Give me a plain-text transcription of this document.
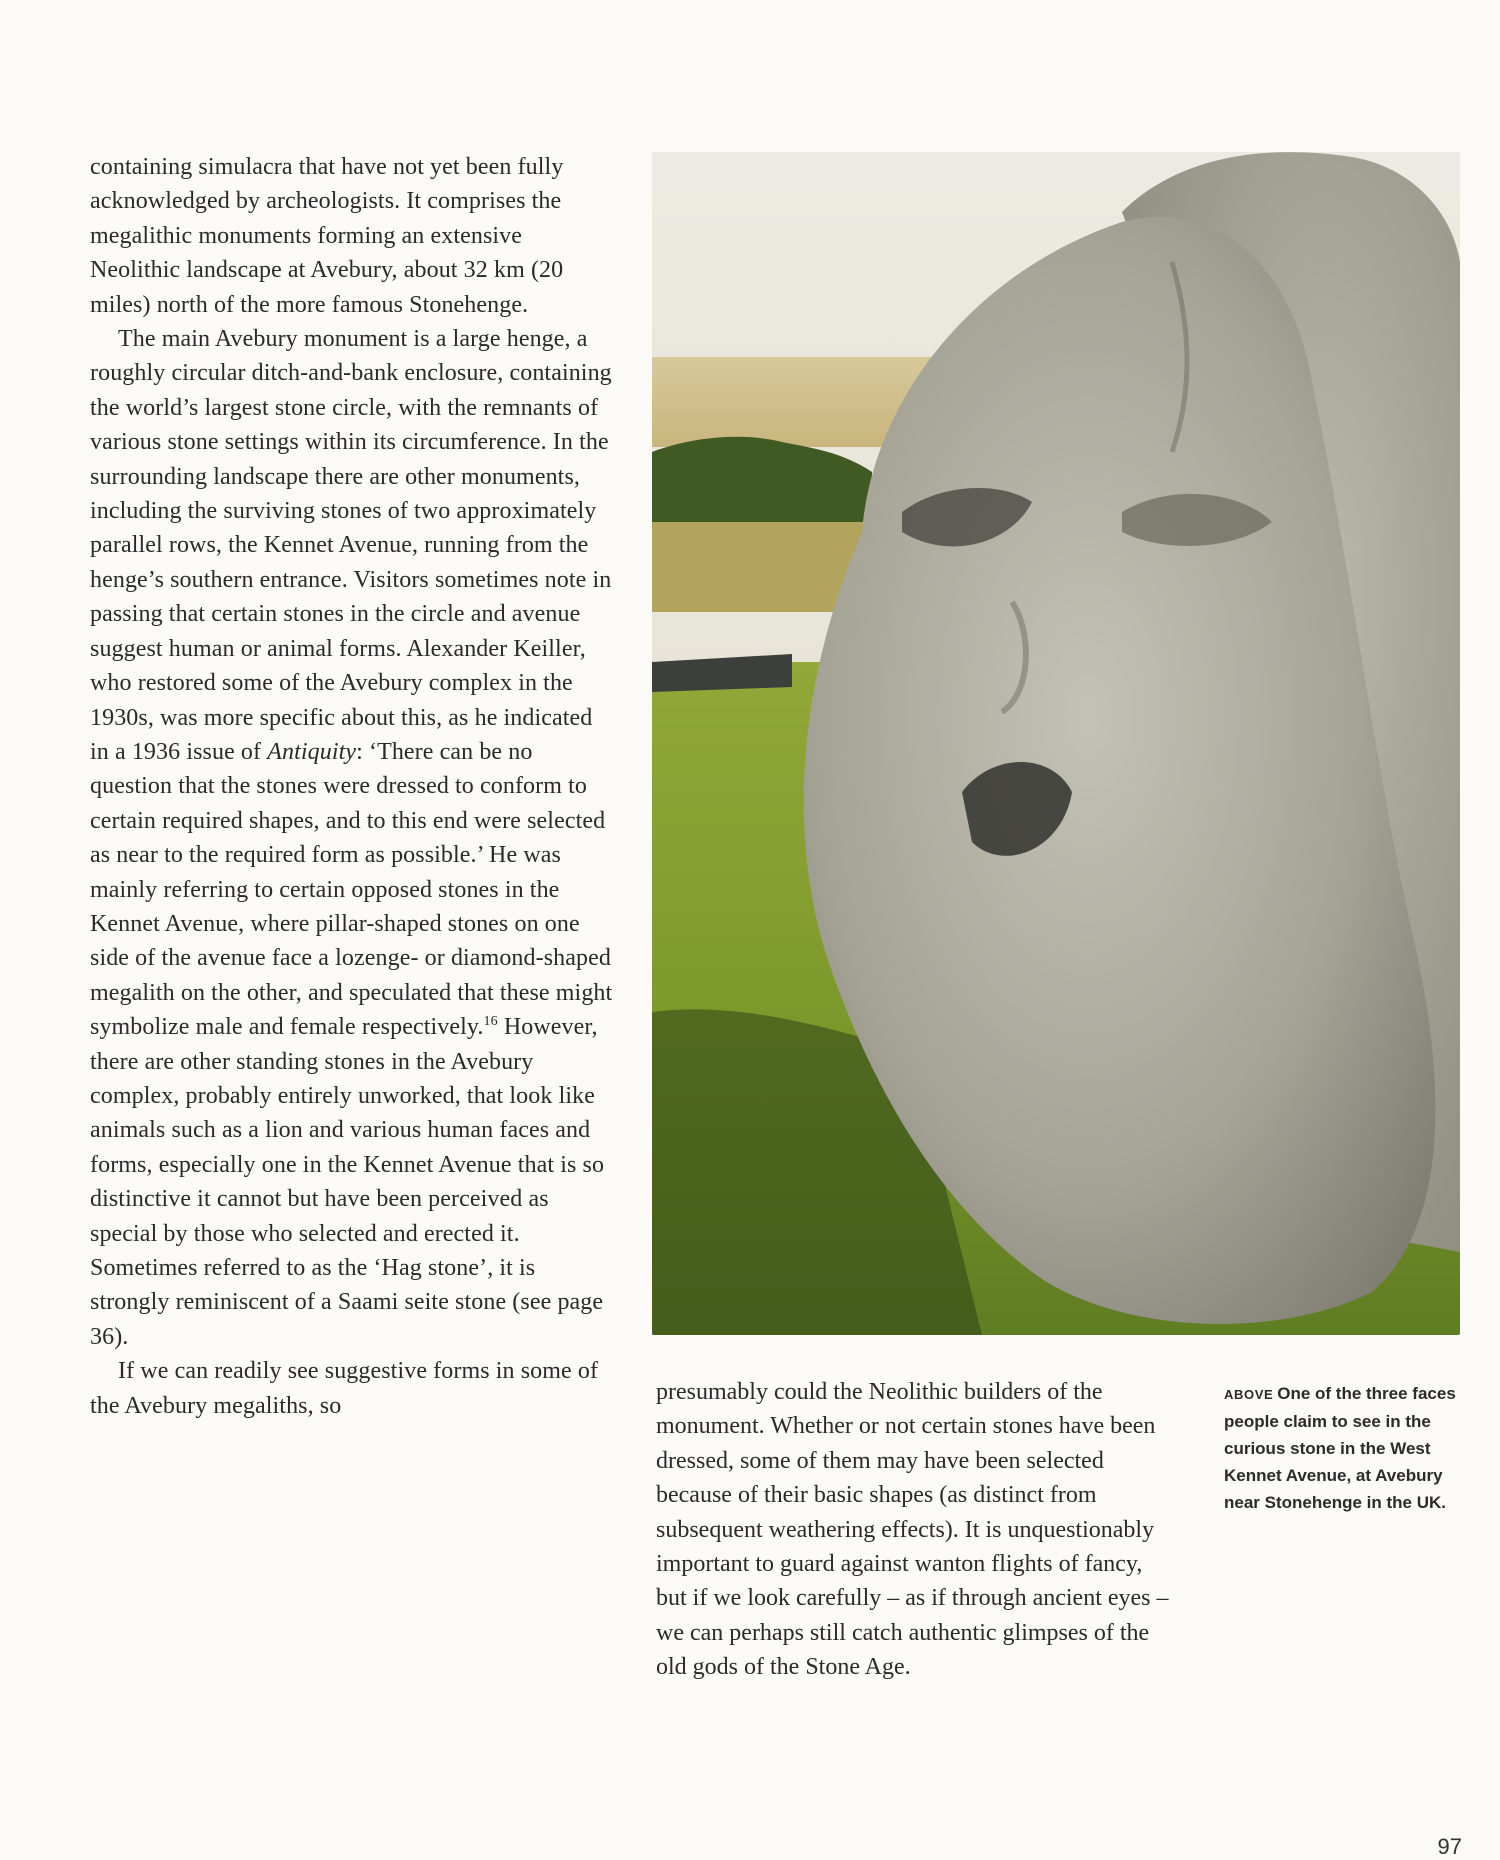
containing simulacra that have not yet been fully acknowledged by archeologists. It comprises the megalithic monuments forming an extensive Neolithic landscape at Avebury, about 32 km (20 miles) north of the more famous Stonehenge.

The main Avebury monument is a large henge, a roughly circular ditch-and-bank enclosure, containing the world’s largest stone circle, with the remnants of various stone settings within its circumference. In the surrounding landscape there are other monuments, including the surviving stones of two approximately parallel rows, the Kennet Avenue, running from the henge’s southern entrance. Visitors sometimes note in passing that certain stones in the circle and avenue suggest human or animal forms. Alexander Keiller, who restored some of the Avebury complex in the 1930s, was more specific about this, as he indicated in a 1936 issue of Antiquity: ‘There can be no question that the stones were dressed to conform to certain required shapes, and to this end were selected as near to the required form as possible.’ He was mainly referring to certain opposed stones in the Kennet Avenue, where pillar-shaped stones on one side of the avenue face a lozenge- or diamond-shaped megalith on the other, and speculated that these might symbolize male and female respectively.$^{16}$ However, there are other standing stones in the Avebury complex, probably entirely unworked, that look like animals such as a lion and various human faces and forms, especially one in the Kennet Avenue that is so distinctive it cannot but have been perceived as special by those who selected and erected it. Sometimes referred to as the ‘Hag stone’, it is strongly reminiscent of a Saami seite stone (see page 36).

If we can readily see suggestive forms in some of the Avebury megaliths, so

presumably could the Neolithic builders of the monument. Whether or not certain stones have been dressed, some of them may have been selected because of their basic shapes (as distinct from subsequent weathering effects). It is unquestionably important to guard against wanton flights of fancy, but if we look carefully – as if through ancient eyes – we can perhaps still catch authentic glimpses of the old gods of the Stone Age.

ABOVE One of the three faces people claim to see in the curious stone in the West Kennet Avenue, at Avebury near Stonehenge in the UK.
97
